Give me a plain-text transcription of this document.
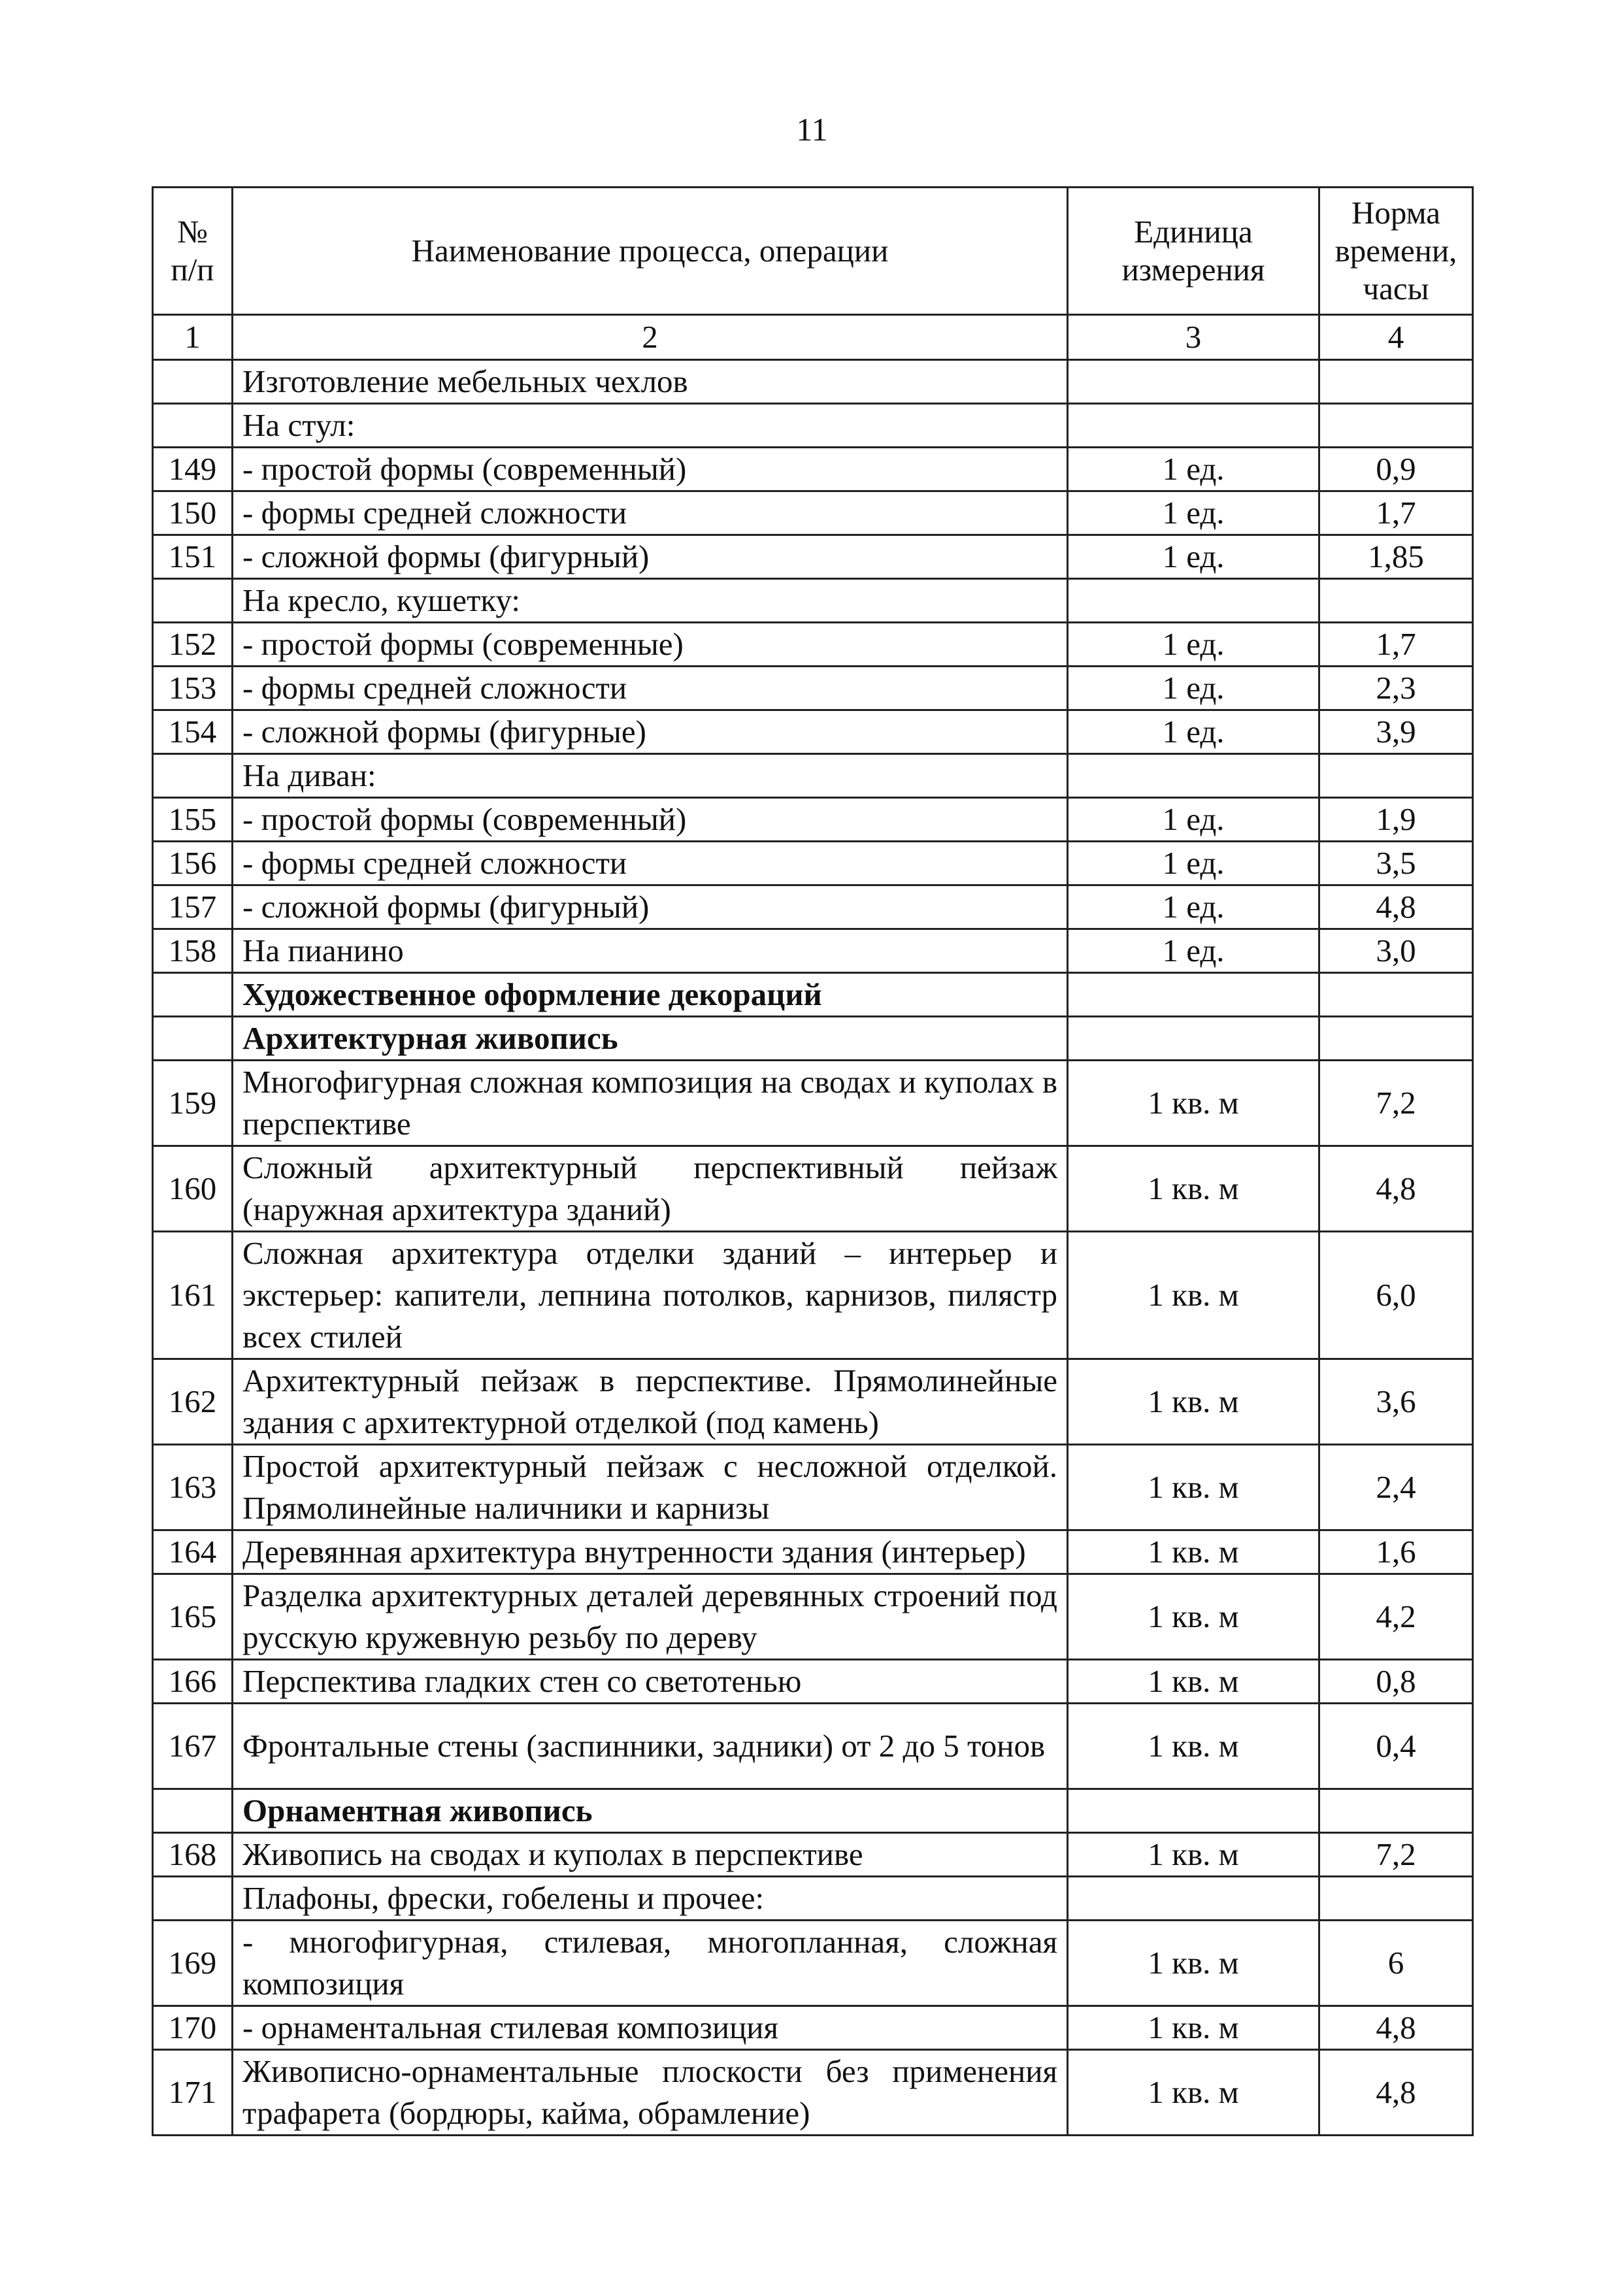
11
№ п/п	Наименование процесса, операции	Единица измерения	Норма времени, часы
1	2	3	4
	Изготовление мебельных чехлов		
	На стул:		
149	- простой формы (современный)	1 ед.	0,9
150	- формы средней сложности	1 ед.	1,7
151	- сложной формы (фигурный)	1 ед.	1,85
	На кресло, кушетку:		
152	- простой формы (современные)	1 ед.	1,7
153	- формы средней сложности	1 ед.	2,3
154	- сложной формы (фигурные)	1 ед.	3,9
	На диван:		
155	- простой формы (современный)	1 ед.	1,9
156	- формы средней сложности	1 ед.	3,5
157	- сложной формы (фигурный)	1 ед.	4,8
158	На пианино	1 ед.	3,0
	Художественное оформление декораций		
	Архитектурная живопись		
159	Многофигурная сложная композиция на сводах и куполах в перспективе	1 кв. м	7,2
160	Сложный архитектурный перспективный пейзаж (наружная архитектура зданий)	1 кв. м	4,8
161	Сложная архитектура отделки зданий – интерьер и экстерьер: капители, лепнина потолков, карнизов, пилястр всех стилей	1 кв. м	6,0
162	Архитектурный пейзаж в перспективе. Прямолинейные здания с архитектурной отделкой (под камень)	1 кв. м	3,6
163	Простой архитектурный пейзаж с несложной отделкой. Прямолинейные наличники и карнизы	1 кв. м	2,4
164	Деревянная архитектура внутренности здания (интерьер)	1 кв. м	1,6
165	Разделка архитектурных деталей деревянных строений под русскую кружевную резьбу по дереву	1 кв. м	4,2
166	Перспектива гладких стен со светотенью	1 кв. м	0,8
167	Фронтальные стены (заспинники, задники) от 2 до 5 тонов	1 кв. м	0,4
	Орнаментная живопись		
168	Живопись на сводах и куполах в перспективе	1 кв. м	7,2
	Плафоны, фрески, гобелены и прочее:		
169	- многофигурная, стилевая, многопланная, сложная композиция	1 кв. м	6
170	- орнаментальная стилевая композиция	1 кв. м	4,8
171	Живописно-орнаментальные плоскости без применения трафарета (бордюры, кайма, обрамление)	1 кв. м	4,8
